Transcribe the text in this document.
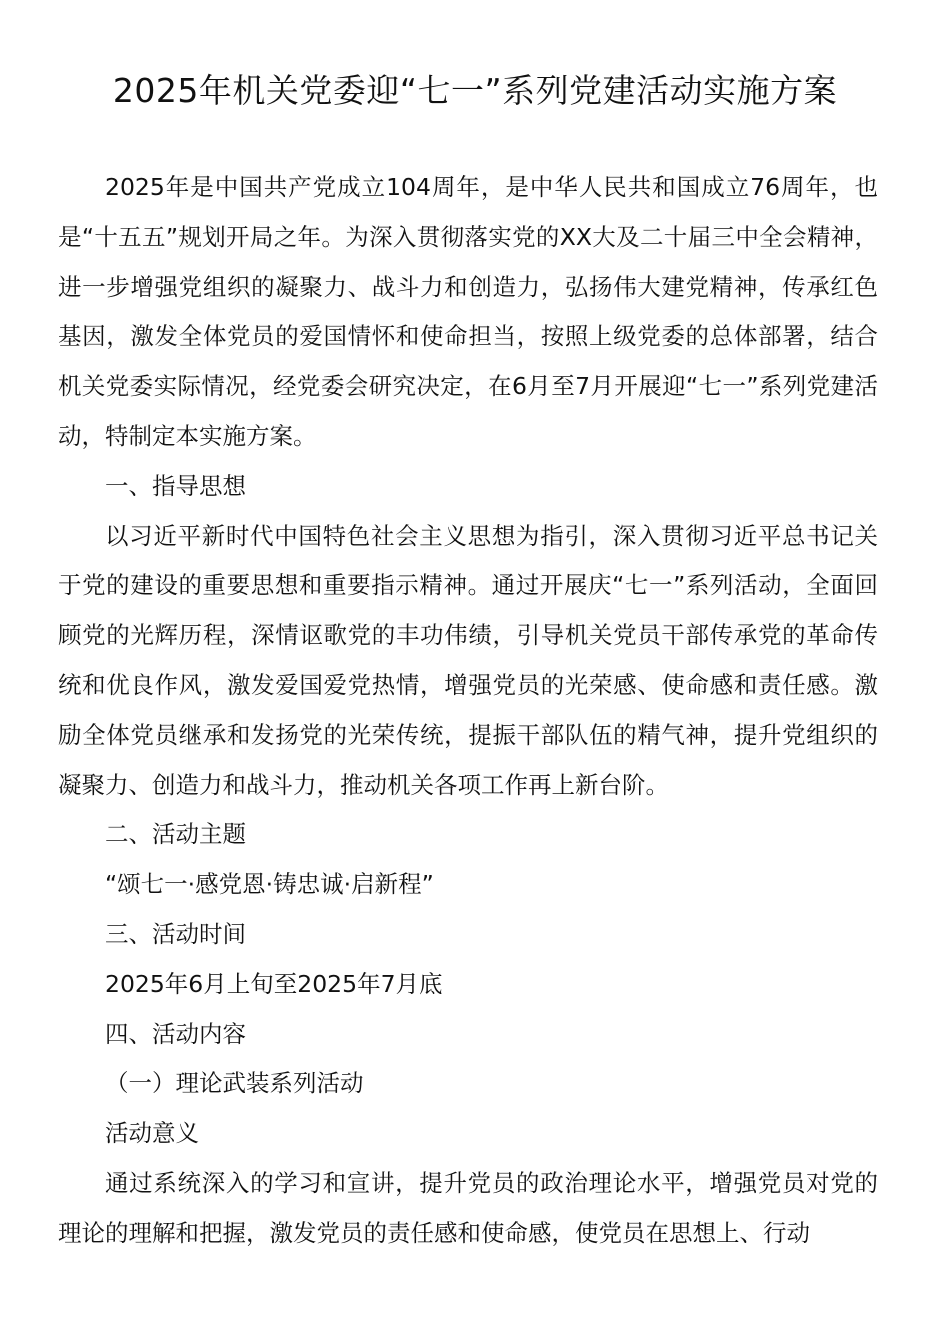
2025年机关党委迎“七一”系列党建活动实施方案

2025年是中国共产党成立104周年，是中华人民共和国成立76周年，也是“十五五”规划开局之年。为深入贯彻落实党的XX大及二十届三中全会精神，进一步增强党组织的凝聚力、战斗力和创造力，弘扬伟大建党精神，传承红色基因，激发全体党员的爱国情怀和使命担当，按照上级党委的总体部署，结合机关党委实际情况，经党委会研究决定，在6月至7月开展迎“七一”系列党建活动，特制定本实施方案。

一、指导思想

以习近平新时代中国特色社会主义思想为指引，深入贯彻习近平总书记关于党的建设的重要思想和重要指示精神。通过开展庆“七一”系列活动，全面回顾党的光辉历程，深情讴歌党的丰功伟绩，引导机关党员干部传承党的革命传统和优良作风，激发爱国爱党热情，增强党员的光荣感、使命感和责任感。激励全体党员继承和发扬党的光荣传统，提振干部队伍的精气神，提升党组织的凝聚力、创造力和战斗力，推动机关各项工作再上新台阶。

二、活动主题

“颂七一·感党恩·铸忠诚·启新程”

三、活动时间

2025年6月上旬至2025年7月底

四、活动内容

（一）理论武装系列活动

活动意义

通过系统深入的学习和宣讲，提升党员的政治理论水平，增强党员对党的理论的理解和把握，激发党员的责任感和使命感，使党员在思想上、行动
